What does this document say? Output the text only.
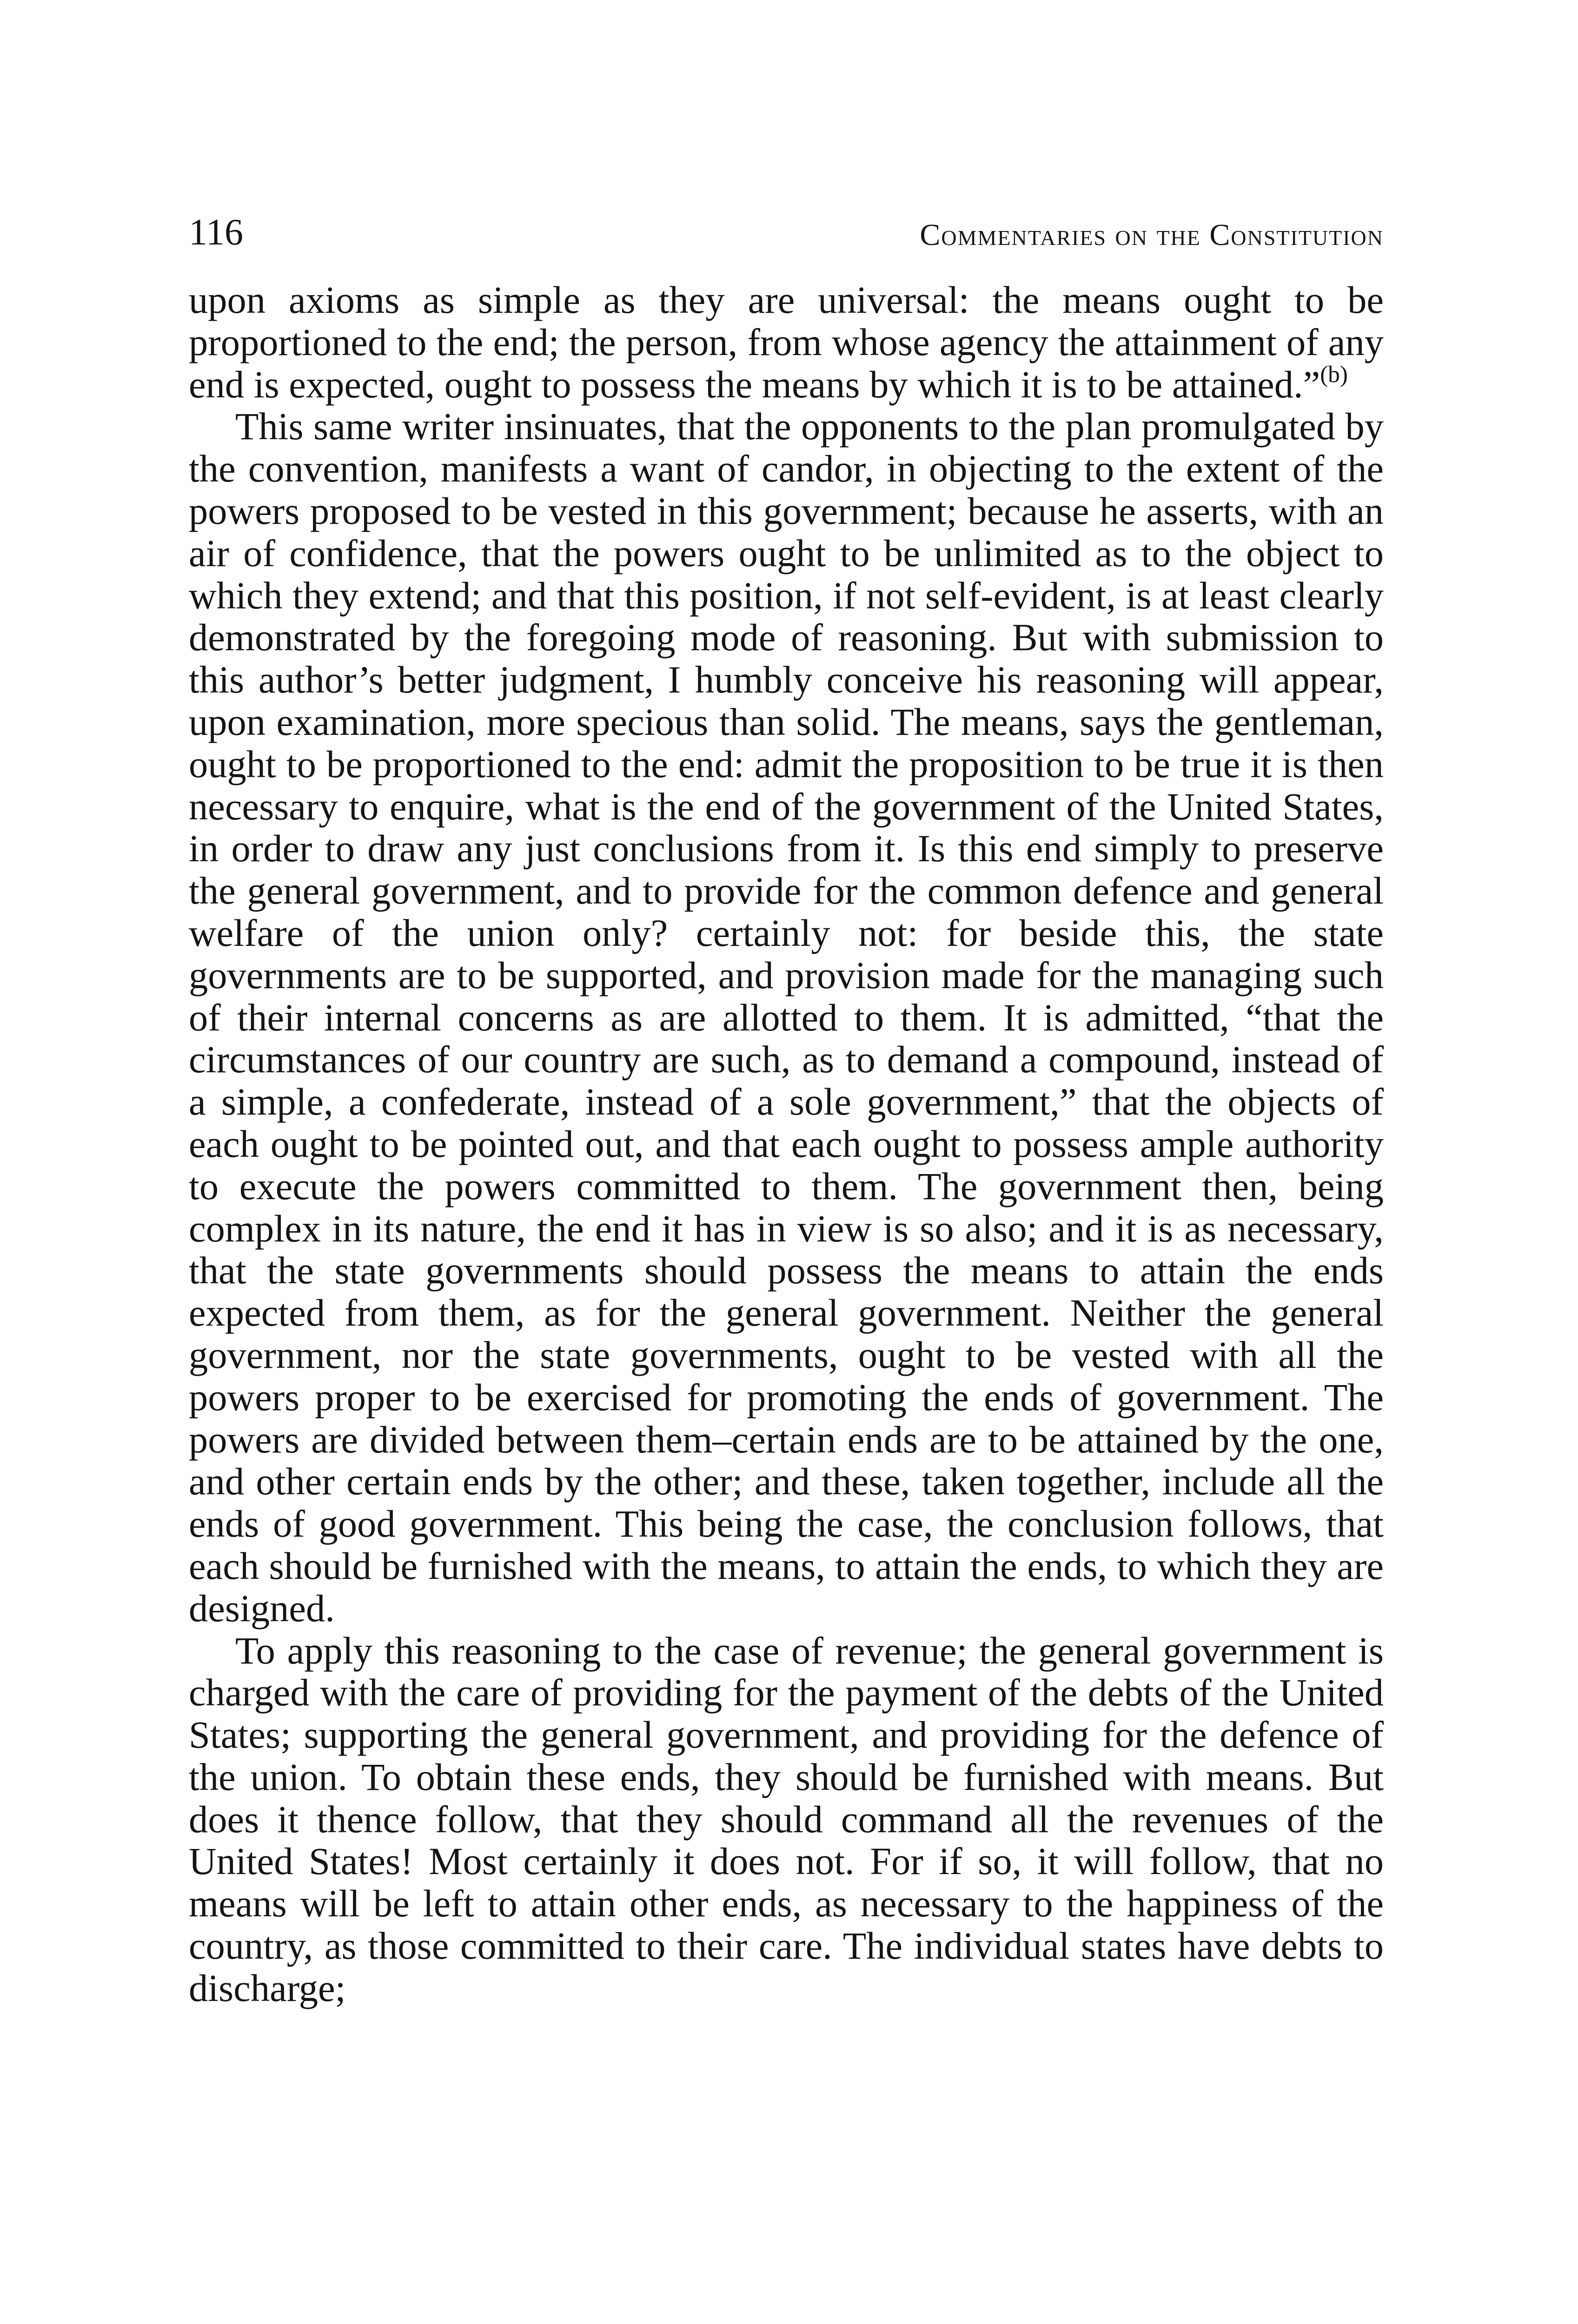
116	Commentaries on the Constitution

upon axioms as simple as they are universal: the means ought to be proportioned to the end; the person, from whose agency the attainment of any end is expected, ought to possess the means by which it is to be attained.”$^{(b)}$

This same writer insinuates, that the opponents to the plan promulgated by the convention, manifests a want of candor, in objecting to the extent of the powers proposed to be vested in this government; because he asserts, with an air of confidence, that the powers ought to be unlimited as to the object to which they extend; and that this position, if not self-evident, is at least clearly demonstrated by the foregoing mode of reasoning. But with submission to this author’s better judgment, I humbly conceive his reasoning will appear, upon examination, more specious than solid. The means, says the gentleman, ought to be proportioned to the end: admit the proposition to be true it is then necessary to enquire, what is the end of the government of the United States, in order to draw any just conclusions from it. Is this end simply to preserve the general government, and to provide for the common defence and general welfare of the union only? certainly not: for beside this, the state governments are to be supported, and provision made for the managing such of their internal concerns as are allotted to them. It is admitted, “that the circumstances of our country are such, as to demand a compound, instead of a simple, a confederate, instead of a sole government,” that the objects of each ought to be pointed out, and that each ought to possess ample authority to execute the powers committed to them. The government then, being complex in its nature, the end it has in view is so also; and it is as necessary, that the state governments should possess the means to attain the ends expected from them, as for the general government. Neither the general government, nor the state governments, ought to be vested with all the powers proper to be exercised for promoting the ends of government. The powers are divided between them–certain ends are to be attained by the one, and other certain ends by the other; and these, taken together, include all the ends of good government. This being the case, the conclusion follows, that each should be furnished with the means, to attain the ends, to which they are designed.

To apply this reasoning to the case of revenue; the general government is charged with the care of providing for the payment of the debts of the United States; supporting the general government, and providing for the defence of the union. To obtain these ends, they should be furnished with means. But does it thence follow, that they should command all the revenues of the United States! Most certainly it does not. For if so, it will follow, that no means will be left to attain other ends, as necessary to the happiness of the country, as those committed to their care. The individual states have debts to discharge;
